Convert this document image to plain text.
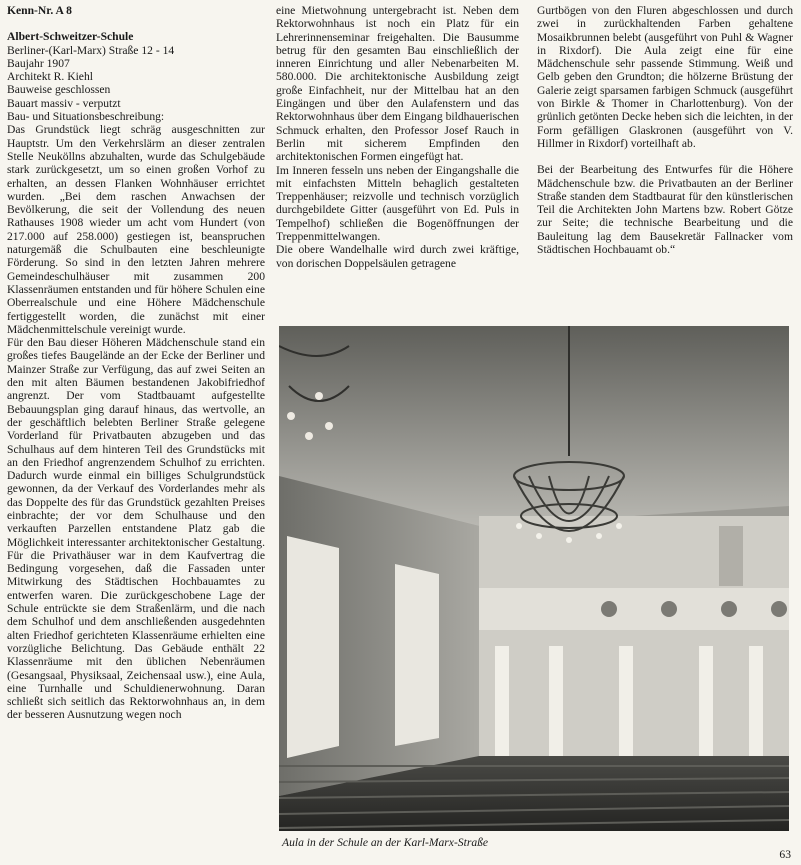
Kenn-Nr. A 8
Albert-Schweitzer-Schule
Berliner-(Karl-Marx) Straße 12 - 14
Baujahr 1907
Architekt R. Kiehl
Bauweise geschlossen
Bauart massiv - verputzt
Bau- und Situationsbeschreibung:

Das Grundstück liegt schräg ausgeschnitten zur Hauptstr. Um den Verkehrslärm an dieser zentralen Stelle Neuköllns abzuhalten, wurde das Schulgebäude stark zurückgesetzt, um so einen großen Vorhof zu erhalten, an dessen Flanken Wohnhäuser errichtet wurden. „Bei dem raschen Anwachsen der Bevölkerung, die seit der Vollendung des neuen Rathauses 1908 wieder um acht vom Hundert (von 217.000 auf 258.000) gestiegen ist, beanspruchen naturgemäß die Schulbauten eine beschleunigte Förderung. So sind in den letzten Jahren mehrere Gemeindeschulhäuser mit zusammen 200 Klassenräumen entstanden und für höhere Schulen eine Oberrealschule und eine Höhere Mädchenschule fertiggestellt worden, die zunächst mit einer Mädchenmittelschule vereinigt wurde.

Für den Bau dieser Höheren Mädchenschule stand ein großes tiefes Baugelände an der Ecke der Berliner und Mainzer Straße zur Verfügung, das auf zwei Seiten an den mit alten Bäumen bestandenen Jakobifriedhof angrenzt. Der vom Stadtbauamt aufgestellte Bebauungsplan ging darauf hinaus, das wertvolle, an der geschäftlich belebten Berliner Straße gelegene Vorderland für Privatbauten abzugeben und das Schulhaus auf dem hinteren Teil des Grundstücks mit an den Friedhof angrenzendem Schulhof zu errichten. Dadurch wurde einmal ein billiges Schulgrundstück gewonnen, da der Verkauf des Vorderlandes mehr als das Doppelte des für das Grundstück gezahlten Preises einbrachte; der vor dem Schulhause und den verkauften Parzellen entstandene Platz gab die Möglichkeit interessanter architektonischer Gestaltung. Für die Privathäuser war in dem Kaufvertrag die Bedingung vorgesehen, daß die Fassaden unter Mitwirkung des Städtischen Hochbauamtes zu entwerfen waren. Die zurückgeschobene Lage der Schule entrückte sie dem Straßenlärm, und die nach dem Schulhof und dem anschließenden ausgedehnten alten Friedhof gerichteten Klassenräume erhielten eine vorzügliche Belichtung. Das Gebäude enthält 22 Klassenräume mit den üblichen Nebenräumen (Gesangsaal, Physiksaal, Zeichensaal usw.), eine Aula, eine Turnhalle und Schuldienerwohnung. Daran schließt sich seitlich das Rektorwohnhaus an, in dem der besseren Ausnutzung wegen noch

eine Mietwohnung untergebracht ist. Neben dem Rektorwohnhaus ist noch ein Platz für ein Lehrerinnenseminar freigehalten. Die Bausumme betrug für den gesamten Bau einschließlich der inneren Einrichtung und aller Nebenarbeiten M. 580.000. Die architektonische Ausbildung zeigt große Einfachheit, nur der Mittelbau hat an den Eingängen und über den Aulafenstern und das Rektorwohnhaus über dem Eingang bildhauerischen Schmuck erhalten, den Professor Josef Rauch in Berlin mit sicherem Empfinden den architektonischen Formen eingefügt hat.

Im Inneren fesseln uns neben der Eingangshalle die mit einfachsten Mitteln behaglich gestalteten Treppenhäuser; reizvolle und technisch vorzüglich durchgebildete Gitter (ausgeführt von Ed. Puls in Tempelhof) schließen die Bogenöffnungen der Treppenmittelwangen.

Die obere Wandelhalle wird durch zwei kräftige, von dorischen Doppelsäulen getragene

Gurtbögen von den Fluren abgeschlossen und durch zwei in zurückhaltenden Farben gehaltene Mosaikbrunnen belebt (ausgeführt von Puhl & Wagner in Rixdorf). Die Aula zeigt eine für eine Mädchenschule sehr passende Stimmung. Weiß und Gelb geben den Grundton; die hölzerne Brüstung der Galerie zeigt sparsamen farbigen Schmuck (ausgeführt von Birkle & Thomer in Charlottenburg). Von der grünlich getönten Decke heben sich die leichten, in der Form gefälligen Glaskronen (ausgeführt von V. Hillmer in Rixdorf) vorteilhaft ab.

Bei der Bearbeitung des Entwurfes für die Höhere Mädchenschule bzw. die Privatbauten an der Berliner Straße standen dem Stadtbaurat für den künstlerischen Teil die Architekten John Martens bzw. Robert Götze zur Seite; die technische Bearbeitung und die Bauleitung lag dem Bausekretär Fallnacker vom Städtischen Hochbauamt ob.“

Aula in der Schule an der Karl-Marx-Straße
63
